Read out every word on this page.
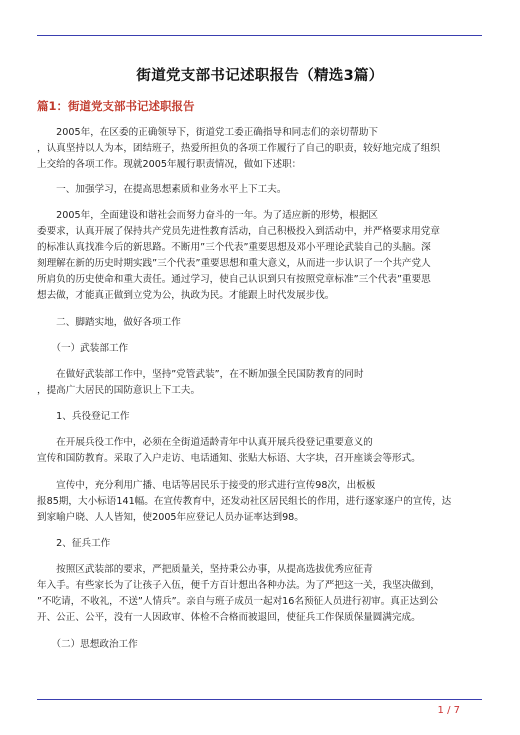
街道党支部书记述职报告（精选3篇）
篇1：街道党支部书记述职报告
　　2005年，在区委的正确领导下，街道党工委正确指导和同志们的亲切帮助下
，认真坚持以人为本，团结班子，热爱所担负的各项工作履行了自己的职责，较好地完成了组织
上交给的各项工作。现就2005年履行职责情况，做如下述职：
　　一、加强学习，在提高思想素质和业务水平上下工夫。
　　2005年，全面建设和谐社会而努力奋斗的一年。为了适应新的形势，根据区
委要求，认真开展了保持共产党员先进性教育活动，自己积极投入到活动中，并严格要求用党章
的标准认真找准今后的新思路。不断用”三个代表”重要思想及邓小平理论武装自己的头脑。深
刻理解在新的历史时期实践”三个代表”重要思想和重大意义，从而进一步认识了一个共产党人
所肩负的历史使命和重大责任。通过学习，使自己认识到只有按照党章标准”三个代表”重要思
想去做，才能真正做到立党为公，执政为民。才能跟上时代发展步伐。
　　二、脚踏实地，做好各项工作
　　（一）武装部工作
　　在做好武装部工作中，坚持”党管武装”，在不断加强全民国防教育的同时
，提高广大居民的国防意识上下工夫。
　　1、兵役登记工作
　　在开展兵役工作中，必须在全街道适龄青年中认真开展兵役登记重要意义的
宣传和国防教育。采取了入户走访、电话通知、张贴大标语、大字块，召开座谈会等形式。
　　宣传中，充分利用广播、电话等居民乐于接受的形式进行宣传98次，出板板
报85期，大小标语141幅。在宣传教育中，还发动社区居民组长的作用，进行逐家逐户的宣传，达
到家喻户晓、人人皆知，使2005年应登记人员办证率达到98。
　　2、征兵工作
　　按照区武装部的要求，严把质量关，坚持秉公办事，从提高选拔优秀应征青
年入手。有些家长为了让孩子入伍，便千方百计想出各种办法。为了严把这一关，我坚决做到，
”不吃请，不收礼，不送”人情兵”。亲自与班子成员一起对16名预征人员进行初审。真正达到公
开、公正、公平，没有一人因政审、体检不合格而被退回，使征兵工作保质保量圆满完成。
　　（二）思想政治工作
1 / 7
